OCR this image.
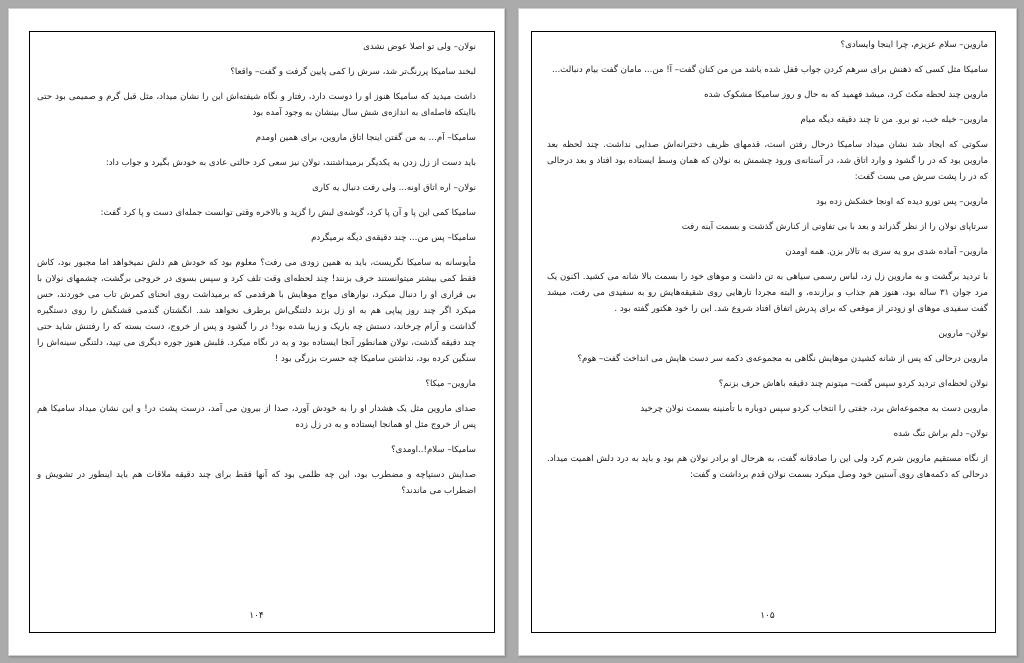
نولان– ولی تو اصلا عوض نشدی

لبخند سامیکا پررنگ‌تر شد، سرش را کمی پایین گرفت و گفت– واقعا؟

داشت میدید که سامیکا هنوز او را دوست دارد، رفتار و نگاه شیفته‌اش این را نشان میداد، مثل قبل گرم و صمیمی بود حتی بااینکه فاصله‌ای به اندازه‌ی شش سال بینشان به وجود آمده بود

سامیکا– آم... به من گفتن اینجا اتاق ماروین، برای همین اومدم

باید دست از زل زدن به یکدیگر برمیداشتند، نولان نیز سعی کرد حالتی عادی به خودش بگیرد و جواب داد:

نولان– اره اتاق اونه... ولی رفت دنبال یه کاری

سامیکا کمی این پا و آن پا کرد، گوشه‌ی لبش را گزید و بالاخره وقتی توانست جمله‌ای دست و پا کرد گفت:

سامیکا– پس من... چند دقیقه‌ی دیگه برمیگردم

مأیوسانه به سامیکا نگریست، باید به همین زودی می رفت؟ معلوم بود که خودش هم دلش نمیخواهد اما مجبور بود، کاش فقط کمی بیشتر میتوانستند حرف بزنند! چند لحظه‌ای وقت تلف کرد و سپس بسوی در خروجی برگشت، چشمهای نولان با بی قراری او را دنبال میکرد، نوارهای مواج موهایش با هرقدمی که برمیداشت روی انحنای کمرش تاب می خوردند، حس میکرد اگر چند روز پیاپی هم به او زل بزند دلتنگی‌اش برطرف نخواهد شد. انگشتان گندمی قشنگش را روی دستگیره گذاشت و آرام چرخاند، دستش چه باریک و زیبا شده بود! در را گشود و پس از خروج، دست بسته که را رفتنش شاید حتی چند دقیقه گذشت، نولان همانطور آنجا ایستاده بود و به در نگاه میکرد. قلبش هنوز جوره دیگری می تپید، دلتنگی سینه‌اش را سنگین کرده بود، نداشتن سامیکا چه حسرت بزرگی بود !

ماروین– میکا؟

صدای ماروین مثل یک هشدار او را به خودش آورد، صدا از بیرون می آمد، درست پشت در! و این نشان میداد سامیکا هم پس از خروج مثل او همانجا ایستاده و به در زل زده

سامیکا– سلام!..اومدی؟

صدایش دستپاچه و مضطرب بود، این چه ظلمی بود که آنها فقط برای چند دقیقه ملاقات هم باید اینطور در تشویش و اضطراب می ماندند؟

۱۰۴

ماروین– سلام عزیزم، چرا اینجا وایسادی؟

سامیکا مثل کسی که ذهنش برای سرهم کردن جواب قفل شده باشد من من کنان گفت– آ! من... مامان گفت بیام دنبالت...

ماروین چند لحظه مکث کرد، میشد فهمید که به حال و روز سامیکا مشکوک شده

ماروین– خیله خب، تو برو. من تا چند دقیقه دیگه میام

سکوتی که ایجاد شد نشان میداد سامیکا درحال رفتن است، قدمهای ظریف دخترانه‌اش صدایی نداشت. چند لحظه بعد ماروین بود که در را گشود و وارد اتاق شد، در آستانه‌ی ورود چشمش به نولان که همان وسط ایستاده بود افتاد و بعد درحالی که در را پشت سرش می بست گفت:

ماروین– پس تورو دیده که اونجا خشکش زده بود

سرتاپای نولان را از نظر گذراند و بعد با بی تفاوتی از کنارش گذشت و بسمت آینه رفت

ماروین– آماده شدی برو یه سری به تالار بزن. همه اومدن

با تردید برگشت و به ماروین زل زد، لباس رسمی سیاهی به تن داشت و موهای خود را بسمت بالا شانه می کشید. اکنون یک مرد جوان ۳۱ ساله بود، هنوز هم جذاب و برازنده، و البته مجردا تارهایی روی شقیقه‌هایش رو به سفیدی می رفت، میشد گفت سفیدی موهای او زودتر از موقعی که برای پدرش اتفاق افتاد شروع شد. این را خود هکتور گفته بود .

نولان– ماروین

ماروین درحالی که پس از شانه کشیدن موهایش نگاهی به مجموعه‌ی دکمه سر دست هایش می انداخت گفت– هوم؟

نولان لحظه‌ای تردید کردو سپس گفت– میتونم چند دقیقه باهاش حرف بزنم؟

ماروین دست به مجموعه‌اش برد، جفتی را انتخاب کردو سپس دوباره با تأمنینه بسمت نولان چرخید

نولان– دلم براش تنگ شده

از نگاه مستقیم ماروین شرم کرد ولی این را صادقانه گفت، به هرحال او برادر نولان هم بود و باید به درد دلش اهمیت میداد. درحالی که دکمه‌های روی آستین خود وصل میکرد بسمت نولان قدم برداشت و گفت:

۱۰۵
